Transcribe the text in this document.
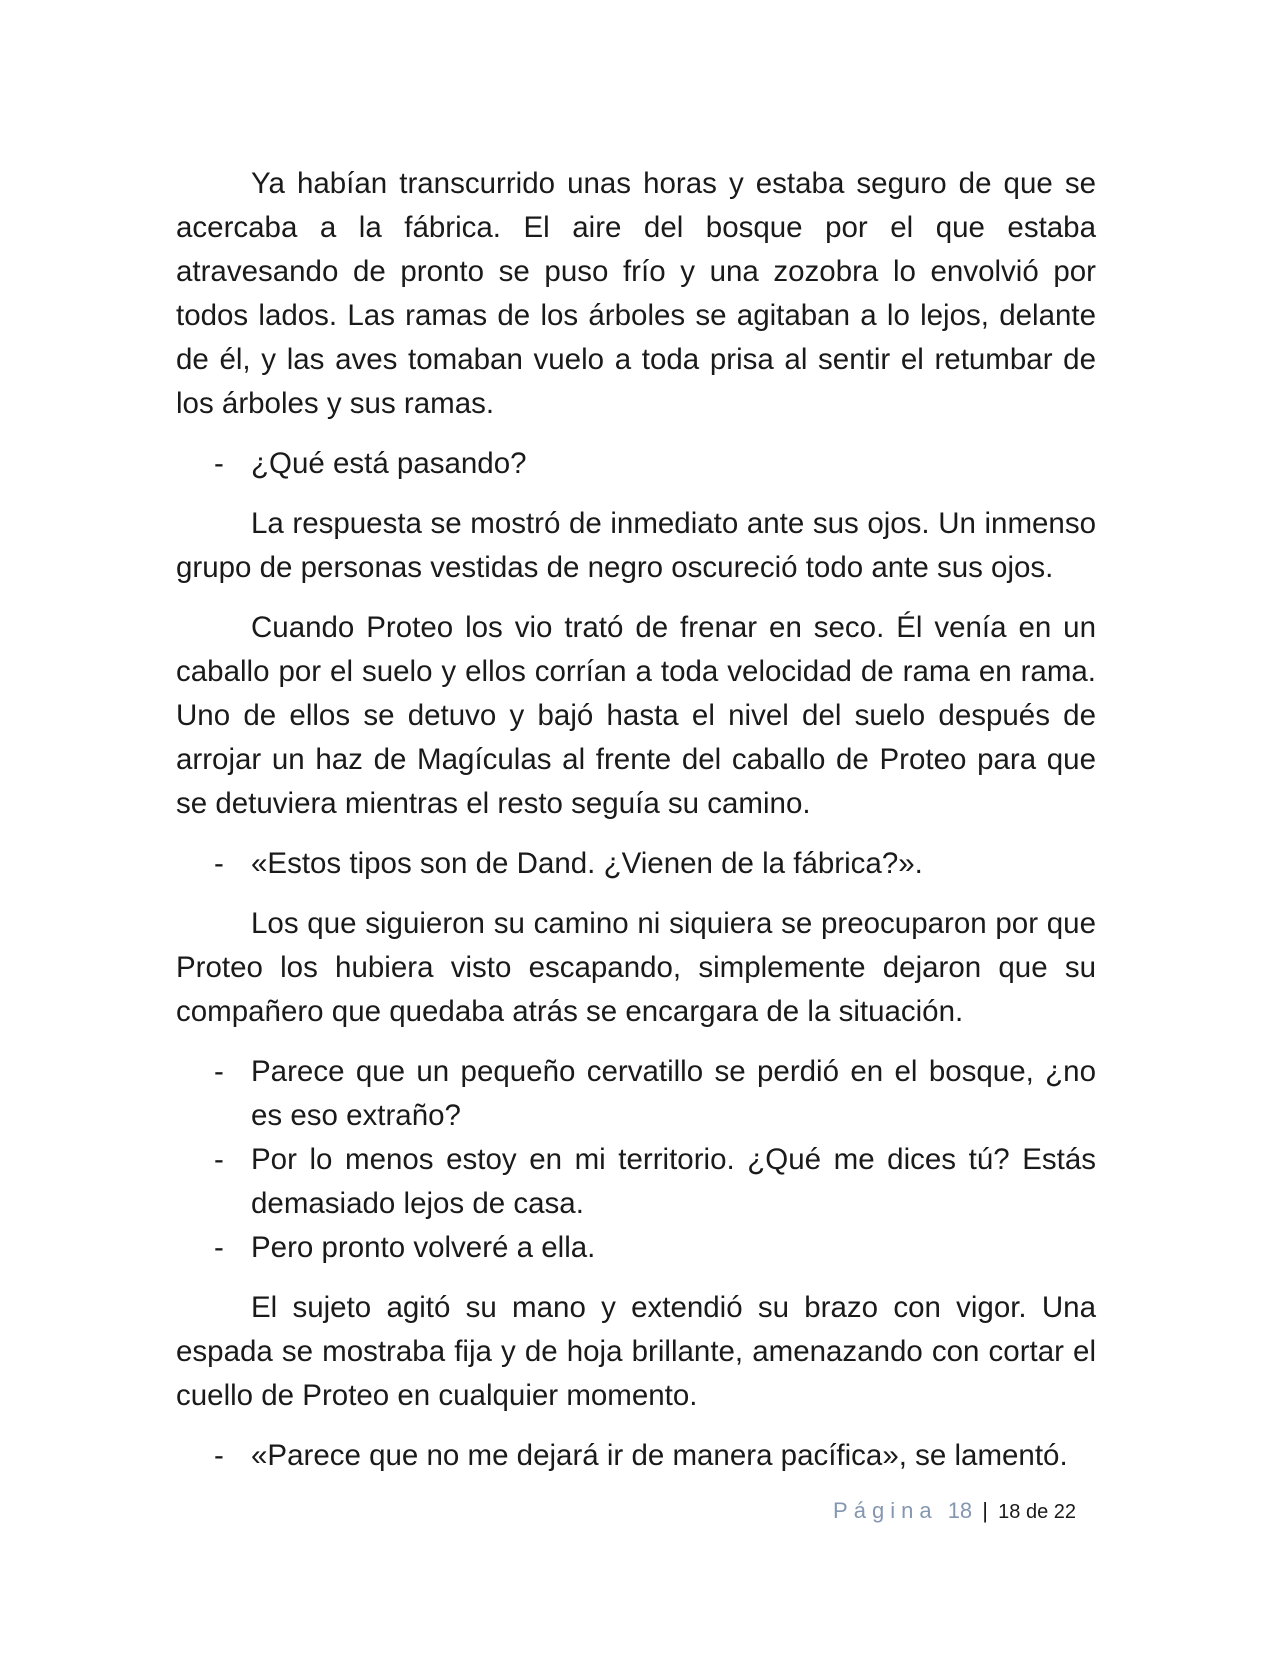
Ya habían transcurrido unas horas y estaba seguro de que se acercaba a la fábrica. El aire del bosque por el que estaba atravesando de pronto se puso frío y una zozobra lo envolvió por todos lados. Las ramas de los árboles se agitaban a lo lejos, delante de él, y las aves tomaban vuelo a toda prisa al sentir el retumbar de los árboles y sus ramas.

- ¿Qué está pasando?

La respuesta se mostró de inmediato ante sus ojos. Un inmenso grupo de personas vestidas de negro oscureció todo ante sus ojos.

Cuando Proteo los vio trató de frenar en seco. Él venía en un caballo por el suelo y ellos corrían a toda velocidad de rama en rama. Uno de ellos se detuvo y bajó hasta el nivel del suelo después de arrojar un haz de Magículas al frente del caballo de Proteo para que se detuviera mientras el resto seguía su camino.

- «Estos tipos son de Dand. ¿Vienen de la fábrica?».

Los que siguieron su camino ni siquiera se preocuparon por que Proteo los hubiera visto escapando, simplemente dejaron que su compañero que quedaba atrás se encargara de la situación.

- Parece que un pequeño cervatillo se perdió en el bosque, ¿no es eso extraño?
- Por lo menos estoy en mi territorio. ¿Qué me dices tú? Estás demasiado lejos de casa.
- Pero pronto volveré a ella.

El sujeto agitó su mano y extendió su brazo con vigor. Una espada se mostraba fija y de hoja brillante, amenazando con cortar el cuello de Proteo en cualquier momento.

- «Parece que no me dejará ir de manera pacífica», se lamentó.
Página 18 | 18 de 22
